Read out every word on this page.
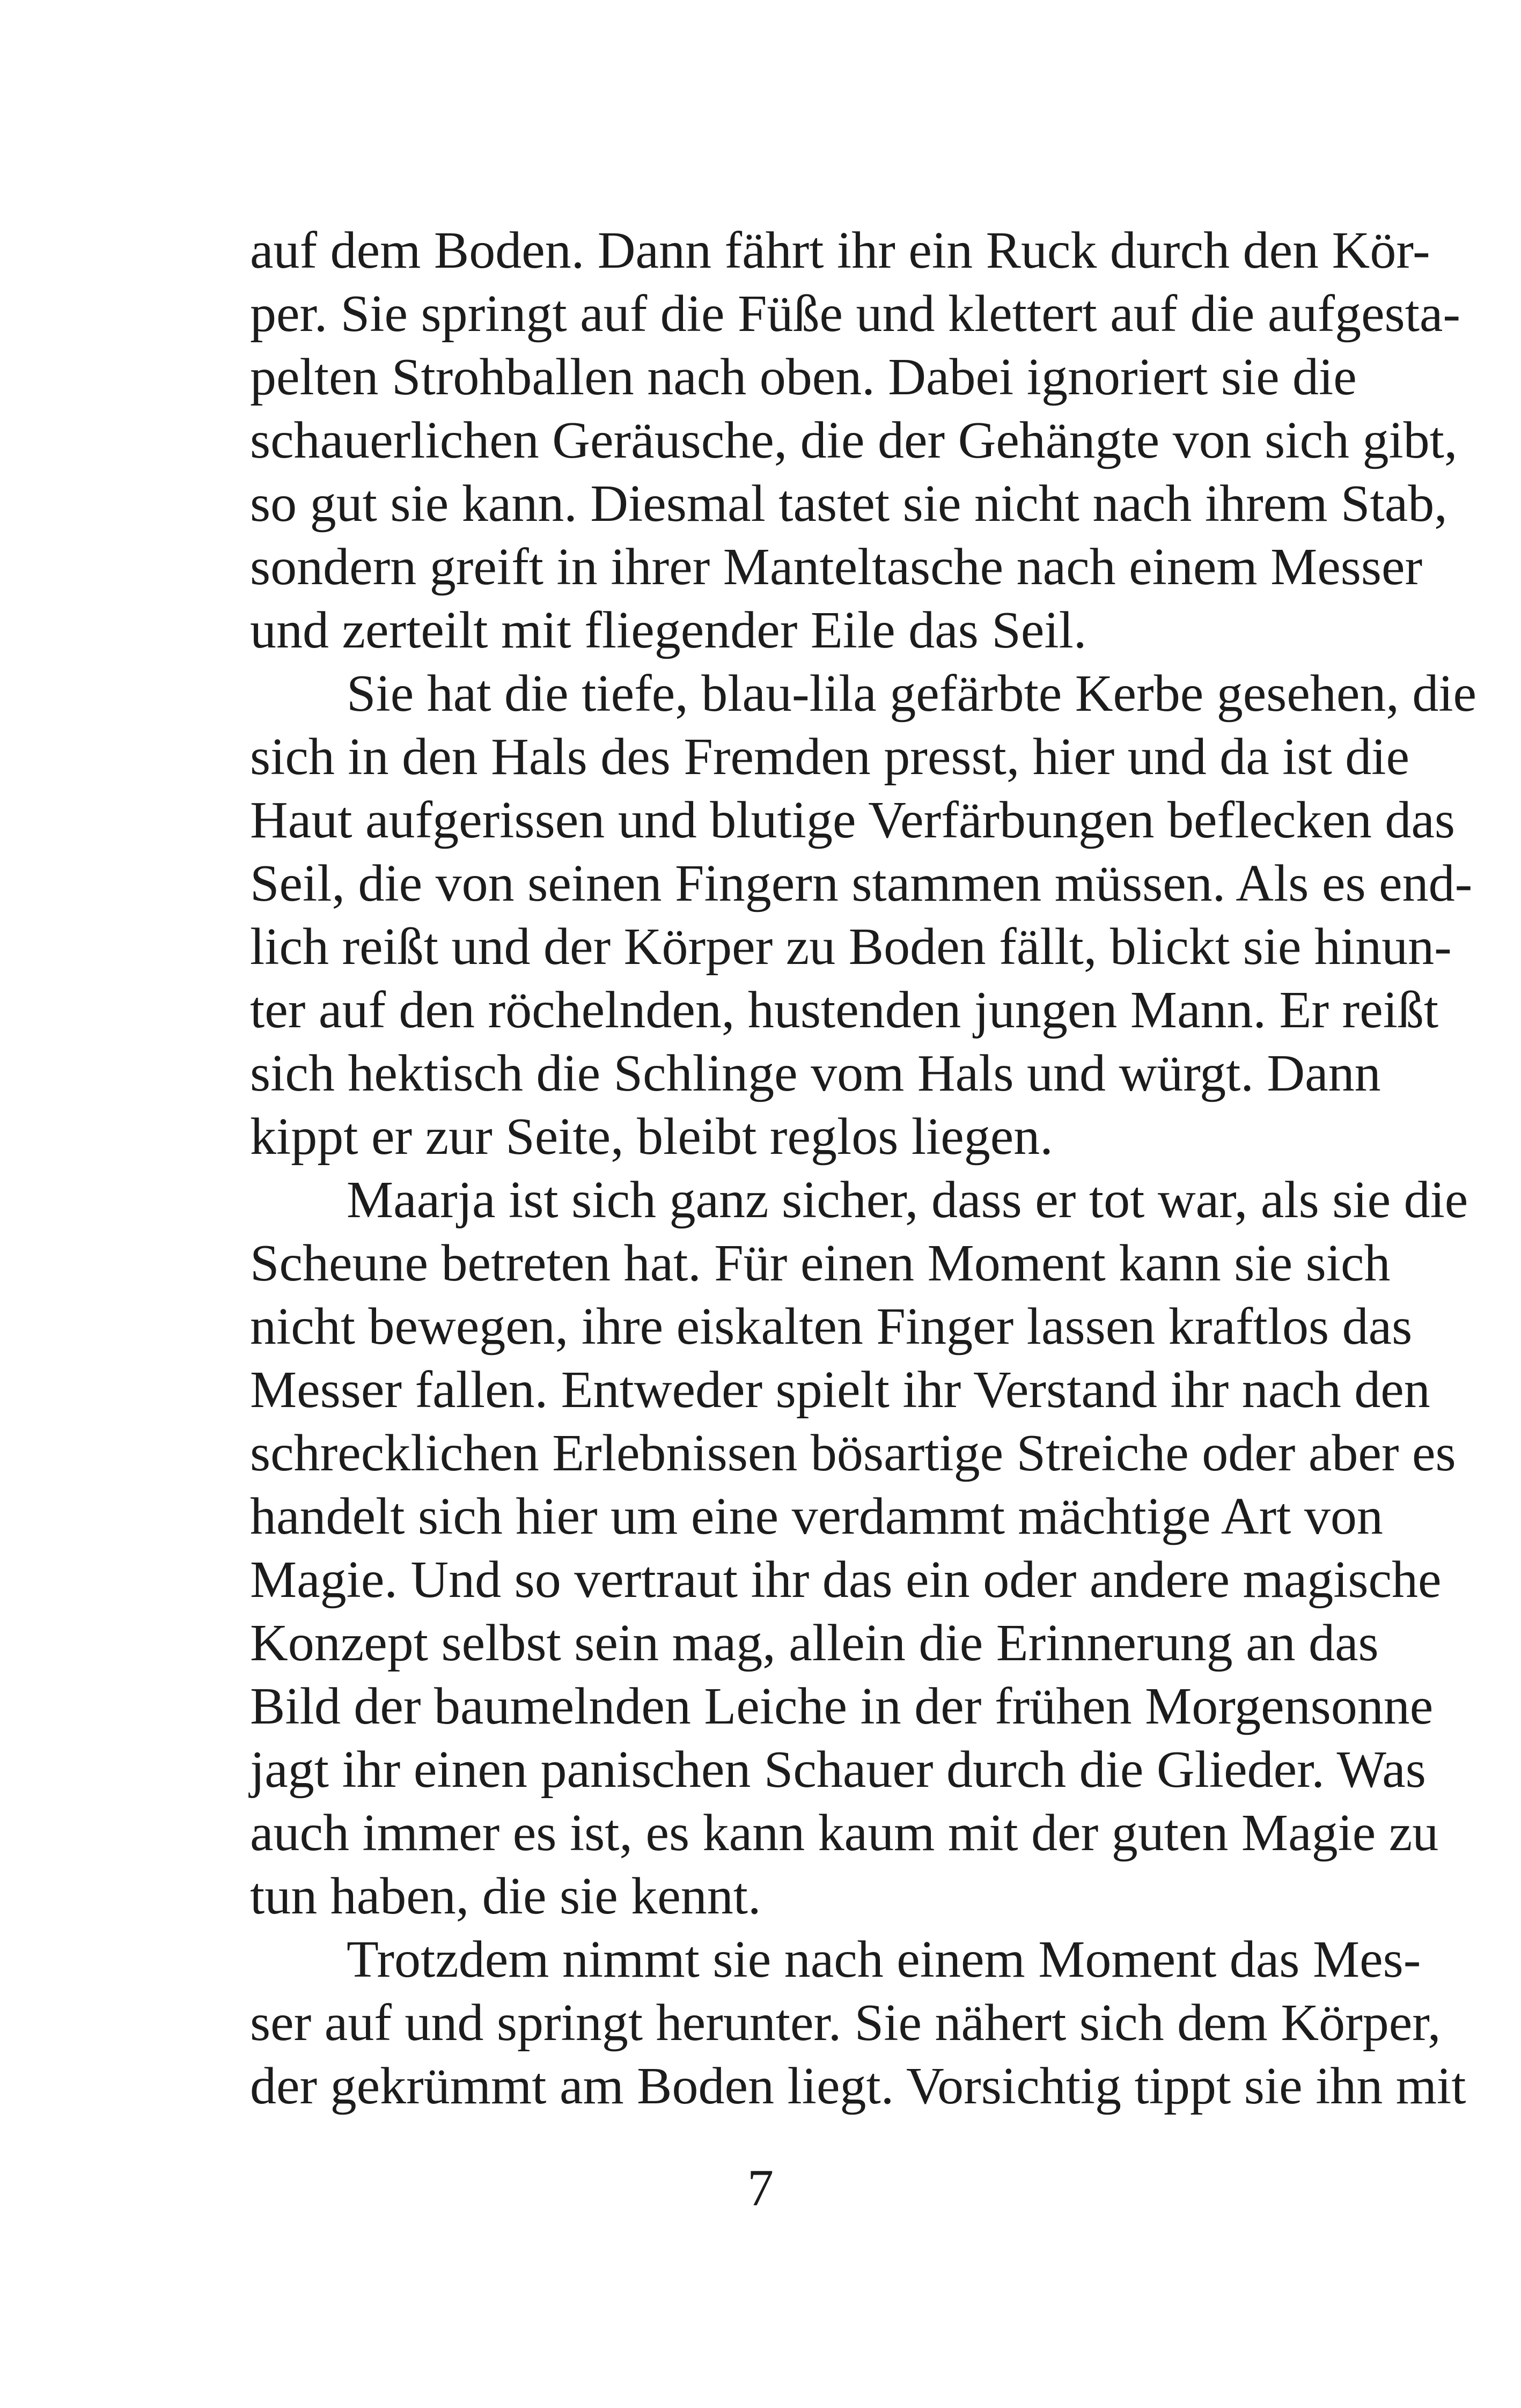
auf dem Boden. Dann fährt ihr ein Ruck durch den Kör-
per. Sie springt auf die Füße und klettert auf die aufgesta-
pelten Strohballen nach oben. Dabei ignoriert sie die
schauerlichen Geräusche, die der Gehängte von sich gibt,
so gut sie kann. Diesmal tastet sie nicht nach ihrem Stab,
sondern greift in ihrer Manteltasche nach einem Messer
und zerteilt mit fliegender Eile das Seil.
Sie hat die tiefe, blau-lila gefärbte Kerbe gesehen, die
sich in den Hals des Fremden presst, hier und da ist die
Haut aufgerissen und blutige Verfärbungen beflecken das
Seil, die von seinen Fingern stammen müssen. Als es end-
lich reißt und der Körper zu Boden fällt, blickt sie hinun-
ter auf den röchelnden, hustenden jungen Mann. Er reißt
sich hektisch die Schlinge vom Hals und würgt. Dann
kippt er zur Seite, bleibt reglos liegen.
Maarja ist sich ganz sicher, dass er tot war, als sie die
Scheune betreten hat. Für einen Moment kann sie sich
nicht bewegen, ihre eiskalten Finger lassen kraftlos das
Messer fallen. Entweder spielt ihr Verstand ihr nach den
schrecklichen Erlebnissen bösartige Streiche oder aber es
handelt sich hier um eine verdammt mächtige Art von
Magie. Und so vertraut ihr das ein oder andere magische
Konzept selbst sein mag, allein die Erinnerung an das
Bild der baumelnden Leiche in der frühen Morgensonne
jagt ihr einen panischen Schauer durch die Glieder. Was
auch immer es ist, es kann kaum mit der guten Magie zu
tun haben, die sie kennt.
Trotzdem nimmt sie nach einem Moment das Mes-
ser auf und springt herunter. Sie nähert sich dem Körper,
der gekrümmt am Boden liegt. Vorsichtig tippt sie ihn mit
7
